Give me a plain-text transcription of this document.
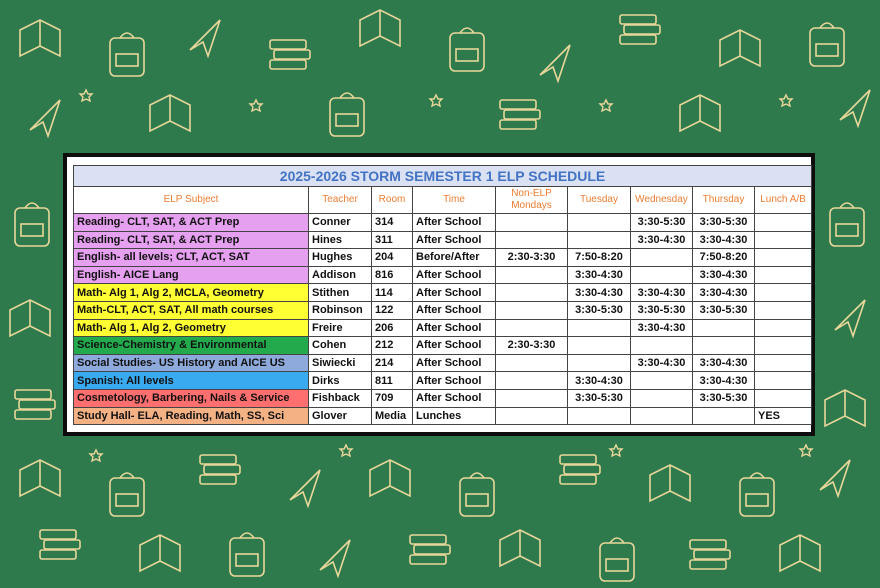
2025-2026 STORM SEMESTER 1 ELP SCHEDULE								
ELP Subject	Teacher	Room	Time	Non-ELP Mondays	Tuesday	Wednesday	Thursday	Lunch A/B
Reading- CLT, SAT, & ACT Prep	Conner	314	After School			3:30-5:30	3:30-5:30	
Reading- CLT, SAT, & ACT Prep	Hines	311	After School			3:30-4:30	3:30-4:30	
English- all levels; CLT, ACT, SAT	Hughes	204	Before/After	2:30-3:30	7:50-8:20		7:50-8:20	
English- AICE Lang	Addison	816	After School		3:30-4:30		3:30-4:30	
Math- Alg 1, Alg 2, MCLA, Geometry	Stithen	114	After School		3:30-4:30	3:30-4:30	3:30-4:30	
Math-CLT, ACT, SAT, All math courses	Robinson	122	After School		3:30-5:30	3:30-5:30	3:30-5:30	
Math- Alg 1, Alg 2, Geometry	Freire	206	After School			3:30-4:30		
Science-Chemistry & Environmental	Cohen	212	After School	2:30-3:30				
Social Studies- US History and AICE US	Siwiecki	214	After School			3:30-4:30	3:30-4:30	
Spanish: All levels	Dirks	811	After School		3:30-4:30		3:30-4:30	
Cosmetology, Barbering, Nails & Service	Fishback	709	After School		3:30-5:30		3:30-5:30	
Study Hall- ELA, Reading, Math, SS, Sci	Glover	Media	Lunches					YES
